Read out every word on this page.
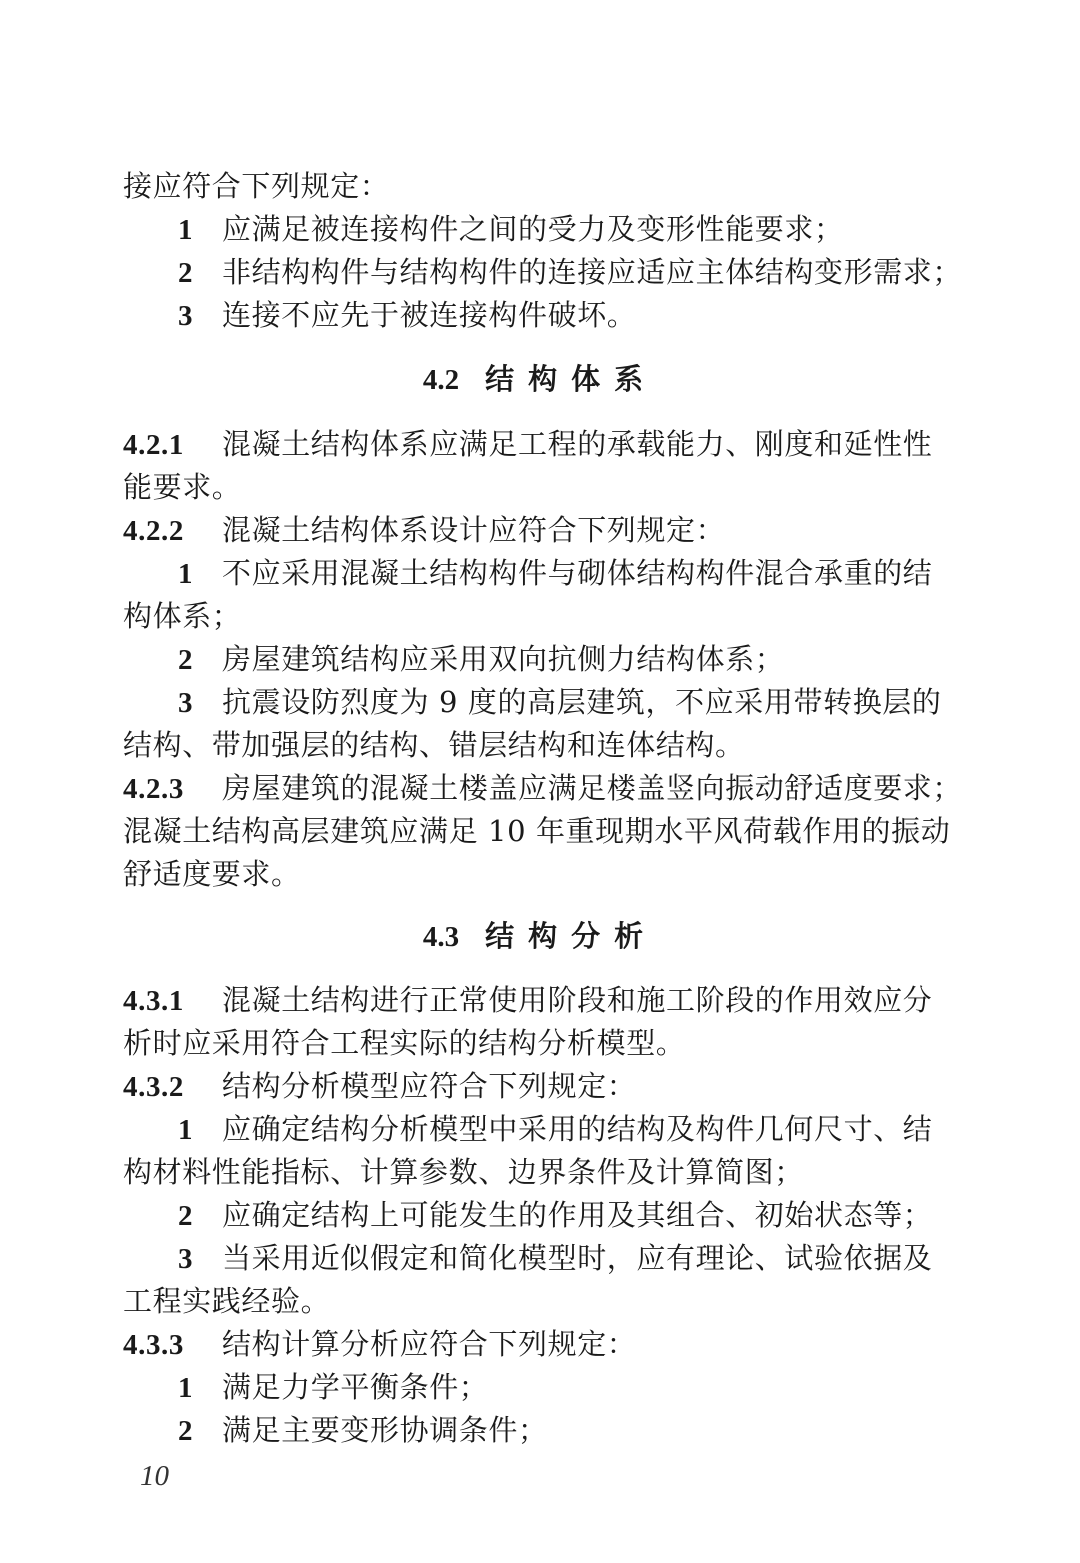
接应符合下列规定：
1 应满足被连接构件之间的受力及变形性能要求；
2 非结构构件与结构构件的连接应适应主体结构变形需求；
3 连接不应先于被连接构件破坏。
4.2 结构体系
4.2.1 混凝土结构体系应满足工程的承载能力、刚度和延性性
能要求。
4.2.2 混凝土结构体系设计应符合下列规定：
1 不应采用混凝土结构构件与砌体结构构件混合承重的结
构体系；
2 房屋建筑结构应采用双向抗侧力结构体系；
3 抗震设防烈度为 9 度的高层建筑，不应采用带转换层的
结构、带加强层的结构、错层结构和连体结构。
4.2.3 房屋建筑的混凝土楼盖应满足楼盖竖向振动舒适度要求；
混凝土结构高层建筑应满足 10 年重现期水平风荷载作用的振动
舒适度要求。
4.3 结构分析
4.3.1 混凝土结构进行正常使用阶段和施工阶段的作用效应分
析时应采用符合工程实际的结构分析模型。
4.3.2 结构分析模型应符合下列规定：
1 应确定结构分析模型中采用的结构及构件几何尺寸、结
构材料性能指标、计算参数、边界条件及计算简图；
2 应确定结构上可能发生的作用及其组合、初始状态等；
3 当采用近似假定和简化模型时，应有理论、试验依据及
工程实践经验。
4.3.3 结构计算分析应符合下列规定：
1 满足力学平衡条件；
2 满足主要变形协调条件；
10
